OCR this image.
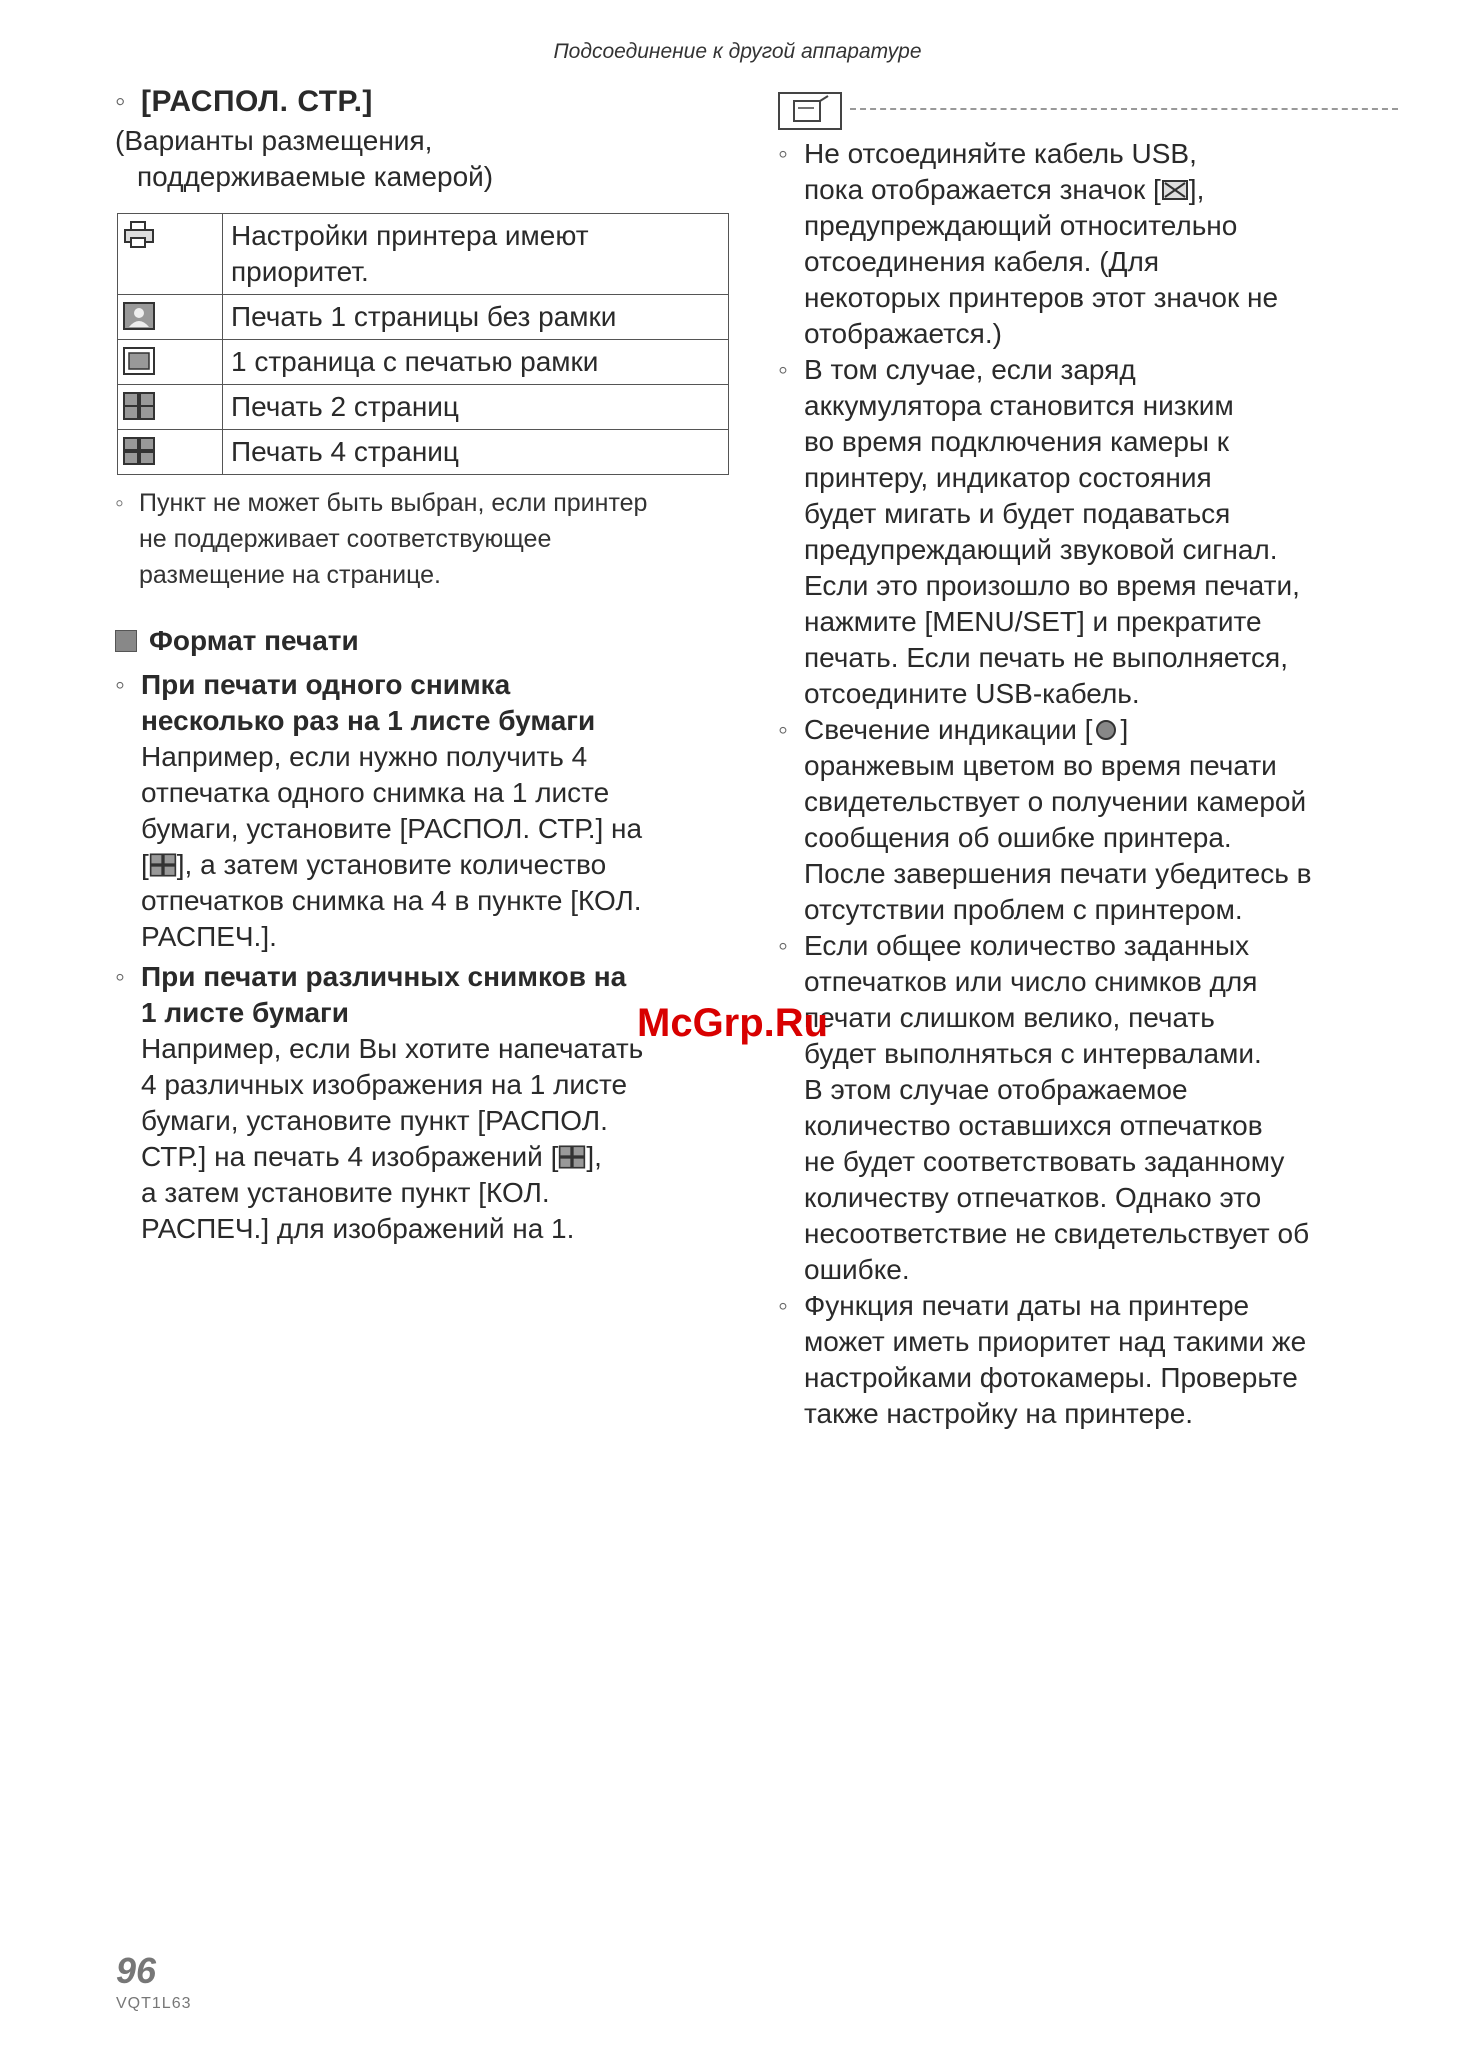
Подсоединение к другой аппаратуре
◦ [РАСПОЛ. СТР.]
(Варианты размещения,
поддерживаемые камерой)
	Настройки принтера имеют приоритет.

	Печать 1 страницы без рамки

	1 страница с печатью рамки

	Печать 2 страниц

	Печать 4 страниц
◦ Пункт не может быть выбран, если принтер
не поддерживает соответствующее
размещение на странице.
Формат печати
◦ При печати одного снимка
несколько раз на 1 листе бумаги
Например, если нужно получить 4
отпечатка одного снимка на 1 листе
бумаги, установите [РАСПОЛ. СТР.] на
[ ], а затем установите количество
отпечатков снимка на 4 в пункте [КОЛ.
РАСПЕЧ.].
◦ При печати различных снимков на
1 листе бумаги
Например, если Вы хотите напечатать
4 различных изображения на 1 листе
бумаги, установите пункт [РАСПОЛ.
СТР.] на печать 4 изображений [ ],
а затем установите пункт [КОЛ.
РАСПЕЧ.] для изображений на 1.
◦ Не отсоединяйте кабель USB,
пока отображается значок [ ],
предупреждающий относительно
отсоединения кабеля. (Для
некоторых принтеров этот значок не
отображается.)
◦ В том случае, если заряд
аккумулятора становится низким
во время подключения камеры к
принтеру, индикатор состояния
будет мигать и будет подаваться
предупреждающий звуковой сигнал.
Если это произошло во время печати,
нажмите [MENU/SET] и прекратите
печать. Если печать не выполняется,
отсоедините USB-кабель.
◦ Свечение индикации [ ]
оранжевым цветом во время печати
свидетельствует о получении камерой
сообщения об ошибке принтера.
После завершения печати убедитесь в
отсутствии проблем с принтером.
◦ Если общее количество заданных
отпечатков или число снимков для
печати слишком велико, печать
будет выполняться с интервалами.
В этом случае отображаемое
количество оставшихся отпечатков
не будет соответствовать заданному
количеству отпечатков. Однако это
несоответствие не свидетельствует об
ошибке.
◦ Функция печати даты на принтере
может иметь приоритет над такими же
настройками фотокамеры. Проверьте
также настройку на принтере.
McGrp.Ru
96
VQT1L63
